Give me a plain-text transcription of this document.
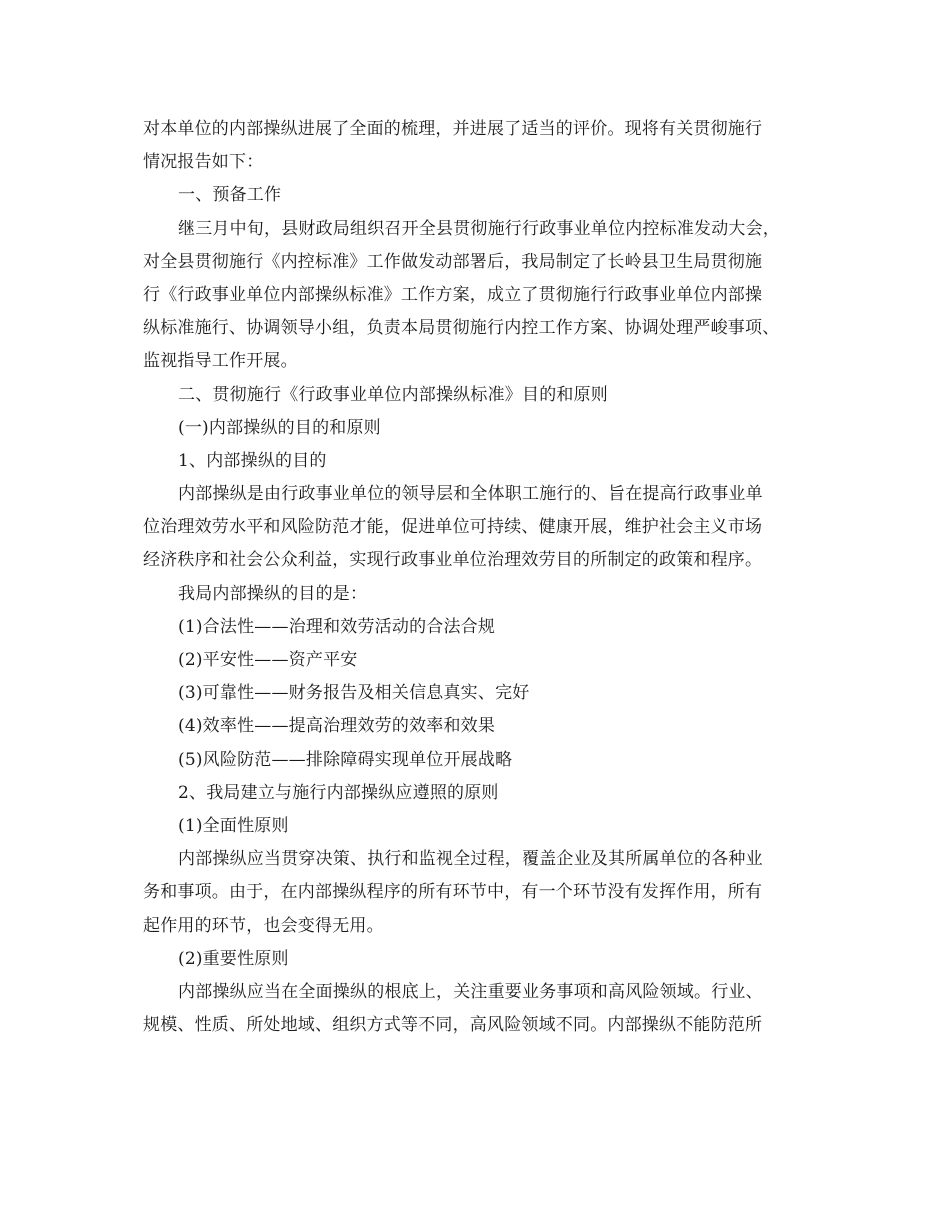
对本单位的内部操纵进展了全面的梳理，并进展了适当的评价。现将有关贯彻施行
情况报告如下：
一、预备工作
继三月中旬，县财政局组织召开全县贯彻施行行政事业单位内控标准发动大会，
对全县贯彻施行《内控标准》工作做发动部署后，我局制定了长岭县卫生局贯彻施
行《行政事业单位内部操纵标准》工作方案，成立了贯彻施行行政事业单位内部操
纵标准施行、协调领导小组，负责本局贯彻施行内控工作方案、协调处理严峻事项、
监视指导工作开展。
二、贯彻施行《行政事业单位内部操纵标准》目的和原则
(一)内部操纵的目的和原则
1、内部操纵的目的
内部操纵是由行政事业单位的领导层和全体职工施行的、旨在提高行政事业单
位治理效劳水平和风险防范才能，促进单位可持续、健康开展，维护社会主义市场
经济秩序和社会公众利益，实现行政事业单位治理效劳目的所制定的政策和程序。
我局内部操纵的目的是：
(1)合法性——治理和效劳活动的合法合规
(2)平安性——资产平安
(3)可靠性——财务报告及相关信息真实、完好
(4)效率性——提高治理效劳的效率和效果
(5)风险防范——排除障碍实现单位开展战略
2、我局建立与施行内部操纵应遵照的原则
(1)全面性原则
内部操纵应当贯穿决策、执行和监视全过程，覆盖企业及其所属单位的各种业
务和事项。由于，在内部操纵程序的所有环节中，有一个环节没有发挥作用，所有
起作用的环节，也会变得无用。
(2)重要性原则
内部操纵应当在全面操纵的根底上，关注重要业务事项和高风险领域。行业、
规模、性质、所处地域、组织方式等不同，高风险领域不同。内部操纵不能防范所
